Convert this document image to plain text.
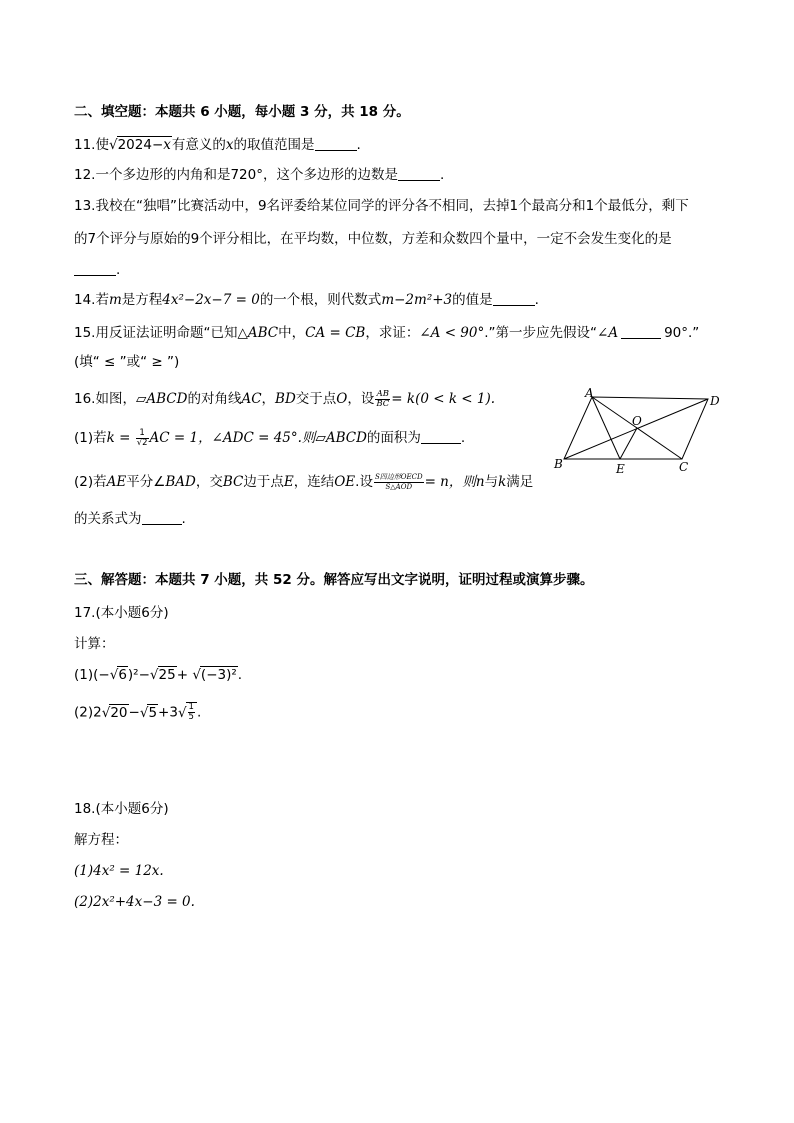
二、填空题：本题共 6 小题，每小题 3 分，共 18 分。
11.使√2024−x有意义的x的取值范围是	.
12.一个多边形的内角和是720°，这个多边形的边数是	.
13.我校在“独唱”比赛活动中，9名评委给某位同学的评分各不相同，去掉1个最高分和1个最低分，剩下
的7个评分与原始的9个评分相比，在平均数，中位数，方差和众数四个量中，一定不会发生变化的是
.
14.若m是方程4x²−2x−7 = 0的一个根，则代数式m−2m²+3的值是	.
15.用反证法证明命题“已知△ABC中，CA = CB，求证：∠A < 90°.”第一步应先假设“∠A	90°.”
(填“ ≤ ”或“ ≥ ”)
16.如图，▱ABCD的对角线AC，BD交于点O，设 $\frac{AB}{BC} = k(0 < k < 1)$.
(1)若$k = \frac{1}{√2}$ AC = 1，∠ADC = 45°.则▱ABCD的面积为	.
(2)若AE平分∠BAD，交BC边于点E，连结OE.设 $\frac{\text{S四边形OECD}}{\text{S△AOD}} = n$，则n与k满足
的关系式为	.
A
B	C
D
E
O
三、解答题：本题共 7 小题，共 52 分。解答应写出文字说明，证明过程或演算步骤。
17.(本小题6分)
计算：
(1)(−√6)²−√25+ √(−3)².
$(2)2√20-√5+3√ \frac{1}{5}$ .
18.(本小题6分)
解方程：
(1)4x² = 12x.
(2)2x²+4x−3 = 0.
